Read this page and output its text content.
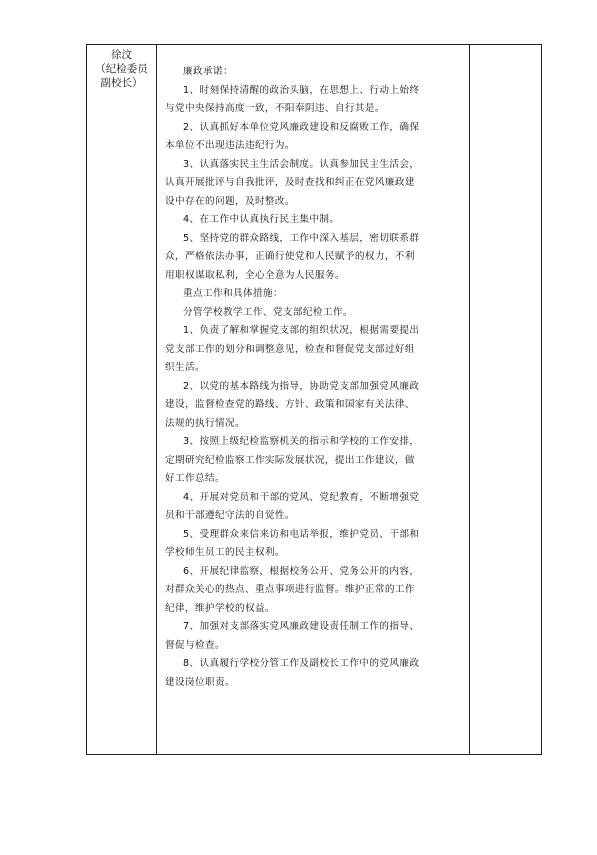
徐汶
（纪检委员
副校长）
廉政承诺：
1、时刻保持清醒的政治头脑，在思想上、行动上始终
与党中央保持高度一致，不阳奉阴违、自行其是。
2、认真抓好本单位党风廉政建设和反腐败工作，确保
本单位不出现违法违纪行为。
3、认真落实民主生活会制度。认真参加民主生活会，
认真开展批评与自我批评，及时查找和纠正在党风廉政建
设中存在的问题，及时整改。
4、在工作中认真执行民主集中制。
5、坚持党的群众路线，工作中深入基层，密切联系群
众，严格依法办事，正确行使党和人民赋予的权力，不利
用职权谋取私利，全心全意为人民服务。
重点工作和具体措施：
分管学校教学工作、党支部纪检工作。
1、负责了解和掌握党支部的组织状况，根据需要提出
党支部工作的划分和调整意见，检查和督促党支部过好组
织生活。
2、以党的基本路线为指导，协助党支部加强党风廉政
建设，监督检查党的路线、方针、政策和国家有关法律、
法规的执行情况。
3、按照上级纪检监察机关的指示和学校的工作安排，
定期研究纪检监察工作实际发展状况，提出工作建议，做
好工作总结。
4、开展对党员和干部的党风、党纪教育，不断增强党
员和干部遵纪守法的自觉性。
5、受理群众来信来访和电话举报，维护党员、干部和
学校师生员工的民主权利。
6、开展纪律监察，根据校务公开、党务公开的内容，
对群众关心的热点、重点事项进行监督。维护正常的工作
纪律，维护学校的权益。
7、加强对支部落实党风廉政建设责任制工作的指导、
督促与检查。
8、认真履行学校分管工作及副校长工作中的党风廉政
建设岗位职责。
